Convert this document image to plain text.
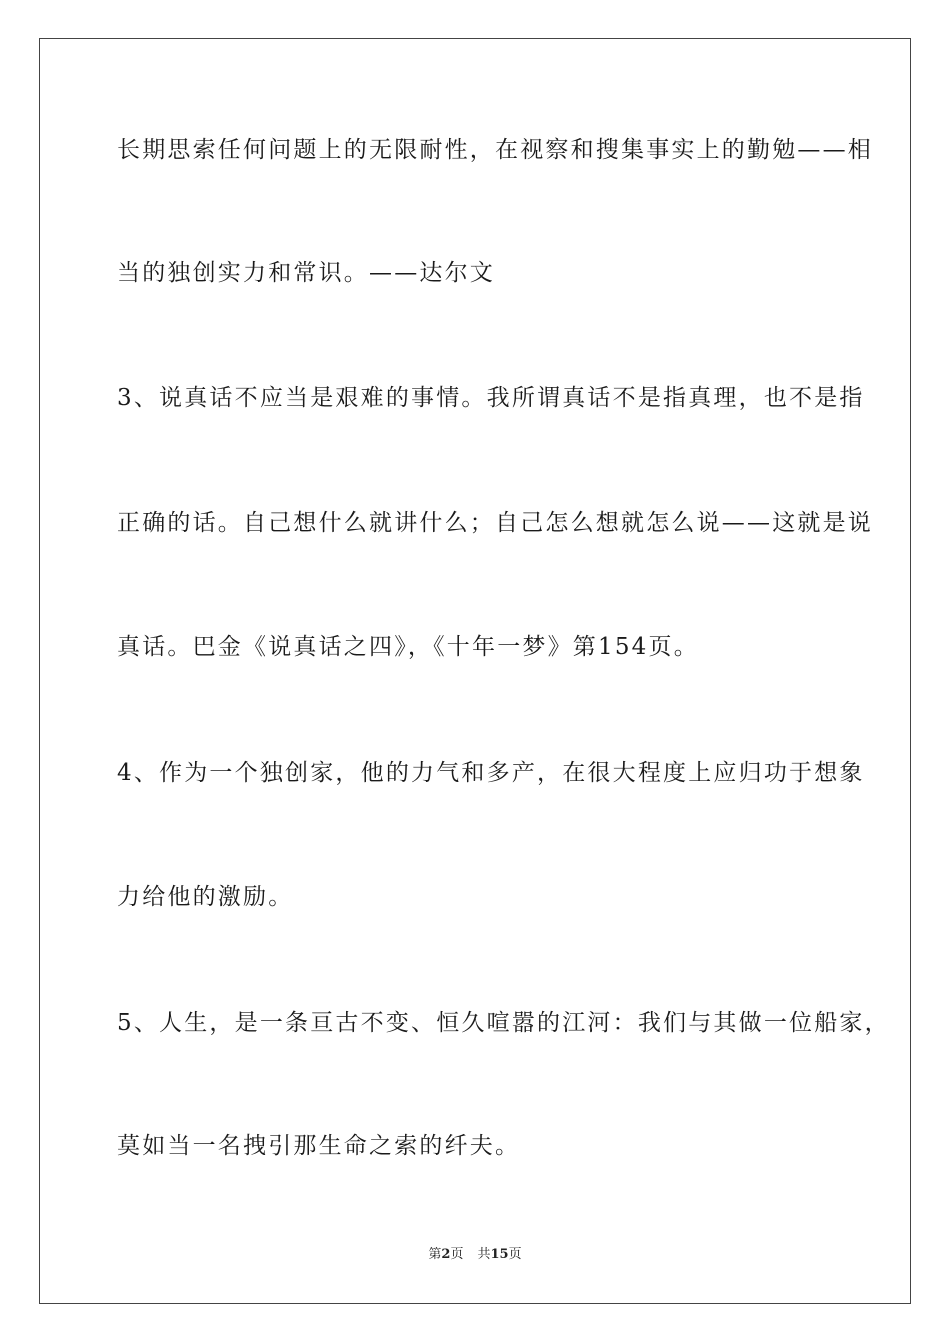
长期思索任何问题上的无限耐性，在视察和搜集事实上的勤勉——相
当的独创实力和常识。——达尔文
3、说真话不应当是艰难的事情。我所谓真话不是指真理，也不是指
正确的话。自己想什么就讲什么；自己怎么想就怎么说——这就是说
真话。巴金《说真话之四》，《十年一梦》第154页。
4、作为一个独创家，他的力气和多产，在很大程度上应归功于想象
力给他的激励。
5、人生，是一条亘古不变、恒久喧嚣的江河：我们与其做一位船家，
莫如当一名拽引那生命之索的纤夫。
第2页 共15页
